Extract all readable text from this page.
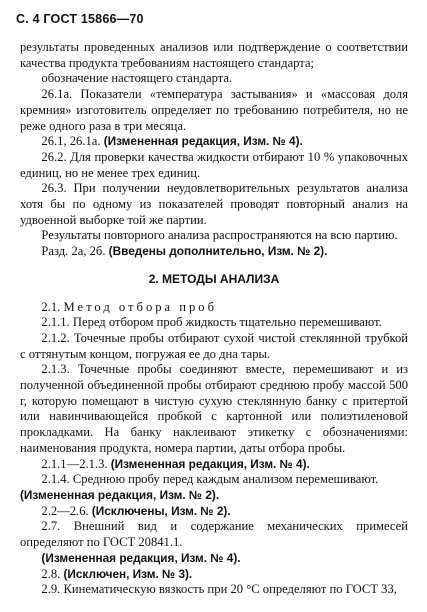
С. 4 ГОСТ 15866—70

результаты проведенных анализов или подтверждение о соответствии качества продукта требованиям настоящего стандарта;

обозначение настоящего стандарта.

26.1а. Показатели «температура застывания» и «массовая доля кремния» изготовитель определяет по требованию потребителя, но не реже одного раза в три месяца.

26.1, 26.1а. (Измененная редакция, Изм. № 4).

26.2. Для проверки качества жидкости отбирают 10 % упаковочных единиц, но не менее трех единиц.

26.3. При получении неудовлетворительных результатов анализа хотя бы по одному из показателей проводят повторный анализ на удвоенной выборке той же партии.

Результаты повторного анализа распространяются на всю партию.

Разд. 2а, 2б. (Введены дополнительно, Изм. № 2).

2. МЕТОДЫ АНАЛИЗА

2.1. Метод отбора проб

2.1.1. Перед отбором проб жидкость тщательно перемешивают.

2.1.2. Точечные пробы отбирают сухой чистой стеклянной трубкой с оттянутым концом, погружая ее до дна тары.

2.1.3. Точечные пробы соединяют вместе, перемешивают и из полученной объединенной пробы отбирают среднюю пробу массой 500 г, которую помещают в чистую сухую стеклянную банку с притертой или навинчивающейся пробкой с картонной или полиэтиленовой прокладками. На банку наклеивают этикетку с обозначениями: наименования продукта, номера партии, даты отбора пробы.

2.1.1—2.1.3. (Измененная редакция, Изм. № 4).

2.1.4. Среднюю пробу перед каждым анализом перемешивают.

(Измененная редакция, Изм. № 2).

2.2—2.6. (Исключены, Изм. № 2).

2.7. Внешний вид и содержание механических примесей определяют по ГОСТ 20841.1.

(Измененная редакция, Изм. № 4).

2.8. (Исключен, Изм. № 3).

2.9. Кинематическую вязкость при 20 °С определяют по ГОСТ 33,
